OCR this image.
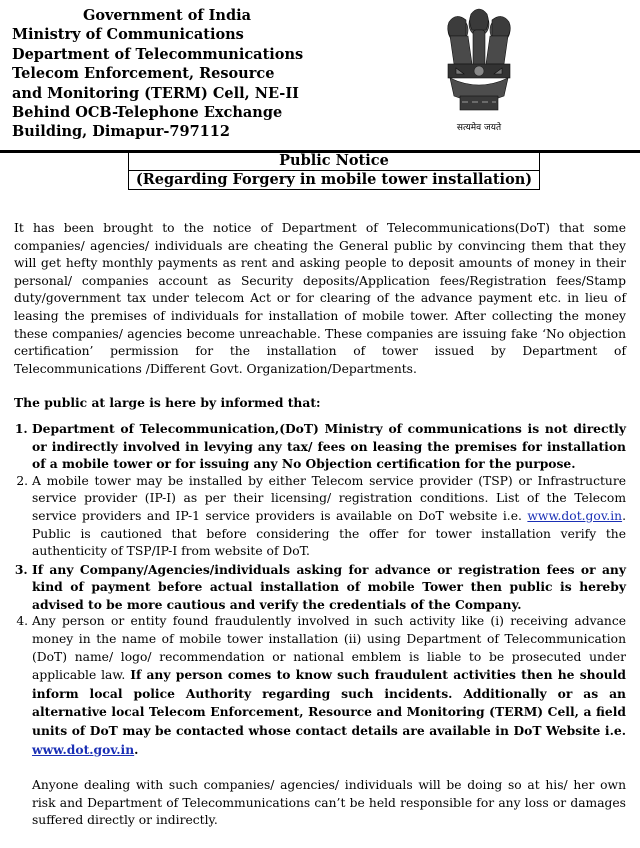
Government of India
Ministry of Communications
Department of Telecommunications
Telecom Enforcement, Resource
and Monitoring (TERM) Cell, NE-II
Behind OCB-Telephone Exchange
Building, Dimapur-797112	सत्यमेव जयते
Public Notice
(Regarding Forgery in mobile tower installation)

It has been brought to the notice of Department of Telecommunications(DoT) that some companies/ agencies/ individuals are cheating the General public by convincing them that they will get hefty monthly payments as rent and asking people to deposit amounts of money in their personal/ companies account as Security deposits/Application fees/Registration fees/Stamp duty/government tax under telecom Act or for clearing of the advance payment etc. in lieu of leasing the premises of individuals for installation of mobile tower. After collecting the money these companies/ agencies become unreachable. These companies are issuing fake ‘No objection certification’ permission for the installation of tower issued by Department of Telecommunications /Different Govt. Organization/Departments.

The public at large is here by informed that:

1. Department of Telecommunication,(DoT) Ministry of communications is not directly or indirectly involved in levying any tax/ fees on leasing the premises for installation of a mobile tower or for issuing any No Objection certification for the purpose.
2. A mobile tower may be installed by either Telecom service provider (TSP) or Infrastructure service provider (IP-I) as per their licensing/ registration conditions. List of the Telecom service providers and IP-1 service providers is available on DoT website i.e. www.dot.gov.in. Public is cautioned that before considering the offer for tower installation verify the authenticity of TSP/IP-I from website of DoT.
3. If any Company/Agencies/individuals asking for advance or registration fees or any kind of payment before actual installation of mobile Tower then public is hereby advised to be more cautious and verify the credentials of the Company.
4. Any person or entity found fraudulently involved in such activity like (i) receiving advance money in the name of mobile tower installation (ii) using Department of Telecommunication (DoT) name/ logo/ recommendation or national emblem is liable to be prosecuted under applicable law. If any person comes to know such fraudulent activities then he should inform local police Authority regarding such incidents. Additionally or as an alternative local Telecom Enforcement, Resource and Monitoring (TERM) Cell, a field units of DoT may be contacted whose contact details are available in DoT Website i.e. www.dot.gov.in.

Anyone dealing with such companies/ agencies/ individuals will be doing so at his/ her own risk and Department of Telecommunications can’t be held responsible for any loss or damages suffered directly or indirectly.
